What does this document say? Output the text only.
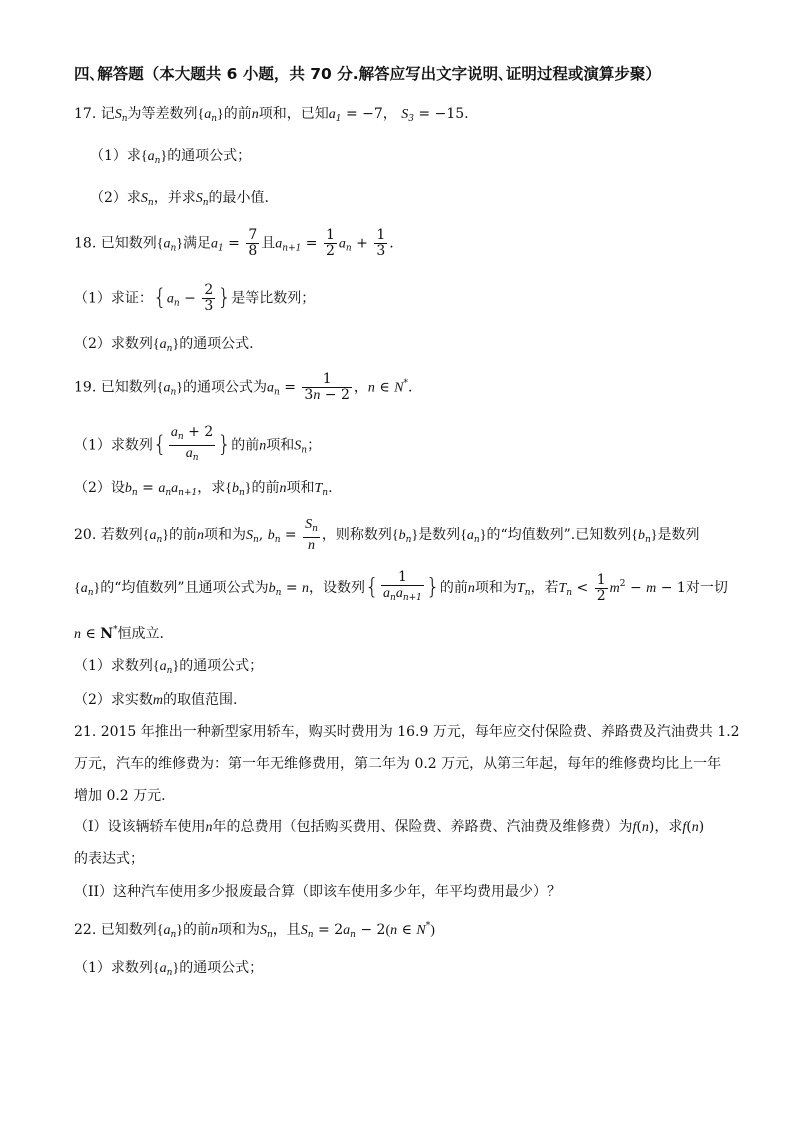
四､解答题（本大题共 6 小题，共 70 分.解答应写出文字说明､证明过程或演算步聚）
17. 记$S_n$为等差数列$\{a_n\}$的前n项和，已知$a_1 = -7$， $S_3 = -15$.
（1）求$\{a_n\}$的通项公式；
（2）求$S_n$，并求$S_n$的最小值.
18. 已知数列$\{a_n\}$满足$a_1 = \frac{7}{8}$ 且$a_{n+1} = \frac{1}{2} a_n + \frac{1}{3}$ .
（1）求证：{$a_n - \frac{2}{3}$ }是等比数列；
（2）求数列$\{a_n\}$的通项公式.
19. 已知数列$\{a_n\}$的通项公式为$a_n = \frac{1}{3n - 2}$ ，n ∈ N*.
（1）求数列{ $\frac{a_n + 2}{a_n}$ }的前n项和$S_n$；
（2）设$b_n = a_na_{n+1}$，求$\{b_n\}$的前n项和$T_n$.
20. 若数列$\{a_n\}$的前n项和为$S_n$, $b_n = \frac{S_n}{n}$ ，则称数列$\{b_n\}$是数列$\{a_n\}$的“均值数列”.已知数列$\{b_n\}$是数列
$\{a_n\}$的“均值数列”且通项公式为$b_n = n$，设数列{ $\frac{1}{a_na_{n+1}}$ }的前n项和为$T_n$，若$T_n < \frac{1}{2} m^2 - m - 1$对一切
n ∈ N*恒成立.
（1）求数列$\{a_n\}$的通项公式；
（2）求实数m的取值范围.
21. 2015 年推出一种新型家用轿车，购买时费用为 16.9 万元，每年应交付保险费、养路费及汽油费共 1.2
万元，汽车的维修费为：第一年无维修费用，第二年为 0.2 万元，从第三年起，每年的维修费均比上一年
增加 0.2 万元.
（I）设该辆轿车使用n年的总费用（包括购买费用、保险费、养路费、汽油费及维修费）为f(n)，求f(n)
的表达式；
（II）这种汽车使用多少报废最合算（即该车使用多少年，年平均费用最少）？
22. 已知数列$\{a_n\}$的前n项和为$S_n$，且$S_n = 2a_n - 2(n$ ∈ N*)
（1）求数列$\{a_n\}$的通项公式；
